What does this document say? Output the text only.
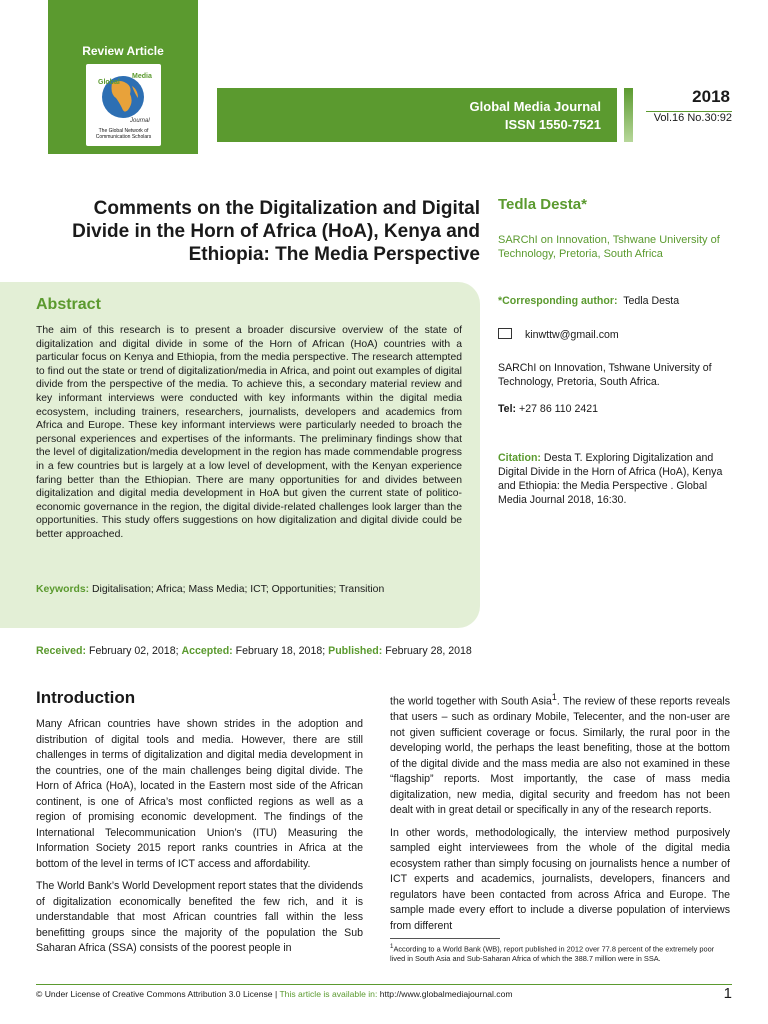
Review Article
Global Media
Journal
The Global Network of Communication Scholars
Global Media Journal
ISSN 1550-7521
2018
Vol.16 No.30:92
Comments on the Digitalization and Digital Divide in the Horn of Africa (HoA), Kenya and Ethiopia: The Media Perspective
Tedla Desta*
SARChI on Innovation, Tshwane University of Technology, Pretoria, South Africa
Abstract

The aim of this research is to present a broader discursive overview of the state of digitalization and digital divide in some of the Horn of African (HoA) countries with a particular focus on Kenya and Ethiopia, from the media perspective. The research attempted to find out the state or trend of digitalization/media in Africa, and point out examples of digital divide from the perspective of the media. To achieve this, a secondary material review and key informant interviews were conducted with key informants within the digital media ecosystem, including trainers, researchers, journalists, developers and academics from Africa and Europe. These key informant interviews were particularly needed to broach the personal experiences and expertises of the informants. The preliminary findings show that the level of digitalization/media development in the region has made commendable progress in a few countries but is largely at a low level of development, with the Kenyan experience faring better than the Ethiopian. There are many opportunities for and divides between digitalization and digital media development in HoA but given the current state of politico-economic governance in the region, the digital divide-related challenges look larger than the opportunities. This study offers suggestions on how digitalization and digital divide could be better approached.

Keywords: Digitalisation; Africa; Mass Media; ICT; Opportunities; Transition
Received: February 02, 2018; Accepted: February 18, 2018; Published: February 28, 2018
*Corresponding author: Tedla Desta
kinwttw@gmail.com
SARChI on Innovation, Tshwane University of Technology, Pretoria, South Africa.
Tel: +27 86 110 2421
Citation: Desta T. Exploring Digitalization and Digital Divide in the Horn of Africa (HoA), Kenya and Ethiopia: the Media Perspective . Global Media Journal 2018, 16:30.
Introduction

Many African countries have shown strides in the adoption and distribution of digital tools and media. However, there are still challenges in terms of digitalization and digital media development in the countries, one of the main challenges being digital divide. The Horn of Africa (HoA), located in the Eastern most side of the African continent, is one of Africa’s most conflicted regions as well as a region of promising economic development. The findings of the International Telecommunication Union’s (ITU) Measuring the Information Society 2015 report ranks countries in Africa at the bottom of the level in terms of ICT access and affordability.

The World Bank’s World Development report states that the dividends of digitalization economically benefited the few rich, and it is understandable that most African countries fall within the less benefitting groups since the majority of the population the Sub Saharan Africa (SSA) consists of the poorest people in

the world together with South Asia$^1$. The review of these reports reveals that users – such as ordinary Mobile, Telecenter, and the non-user are not given sufficient coverage or focus. Similarly, the rural poor in the developing world, the perhaps the least benefiting, those at the bottom of the digital divide and the mass media are also not examined in these “flagship” reports. Most importantly, the case of mass media digitalization, new media, digital security and freedom has not been dealt with in great detail or specifically in any of the research reports.

In other words, methodologically, the interview method purposively sampled eight interviewees from the whole of the digital media ecosystem rather than simply focusing on journalists hence a number of ICT experts and academics, journalists, developers, financers and regulators have been contacted from across Africa and Europe. The sample made every effort to include a diverse population of interviews from different

$^1$According to a World Bank (WB), report published in 2012 over 77.8 percent of the extremely poor lived in South Asia and Sub-Saharan Africa of which the 388.7 million were in SSA.
© Under License of Creative Commons Attribution 3.0 License | This article is available in: http://www.globalmediajournal.com	1
